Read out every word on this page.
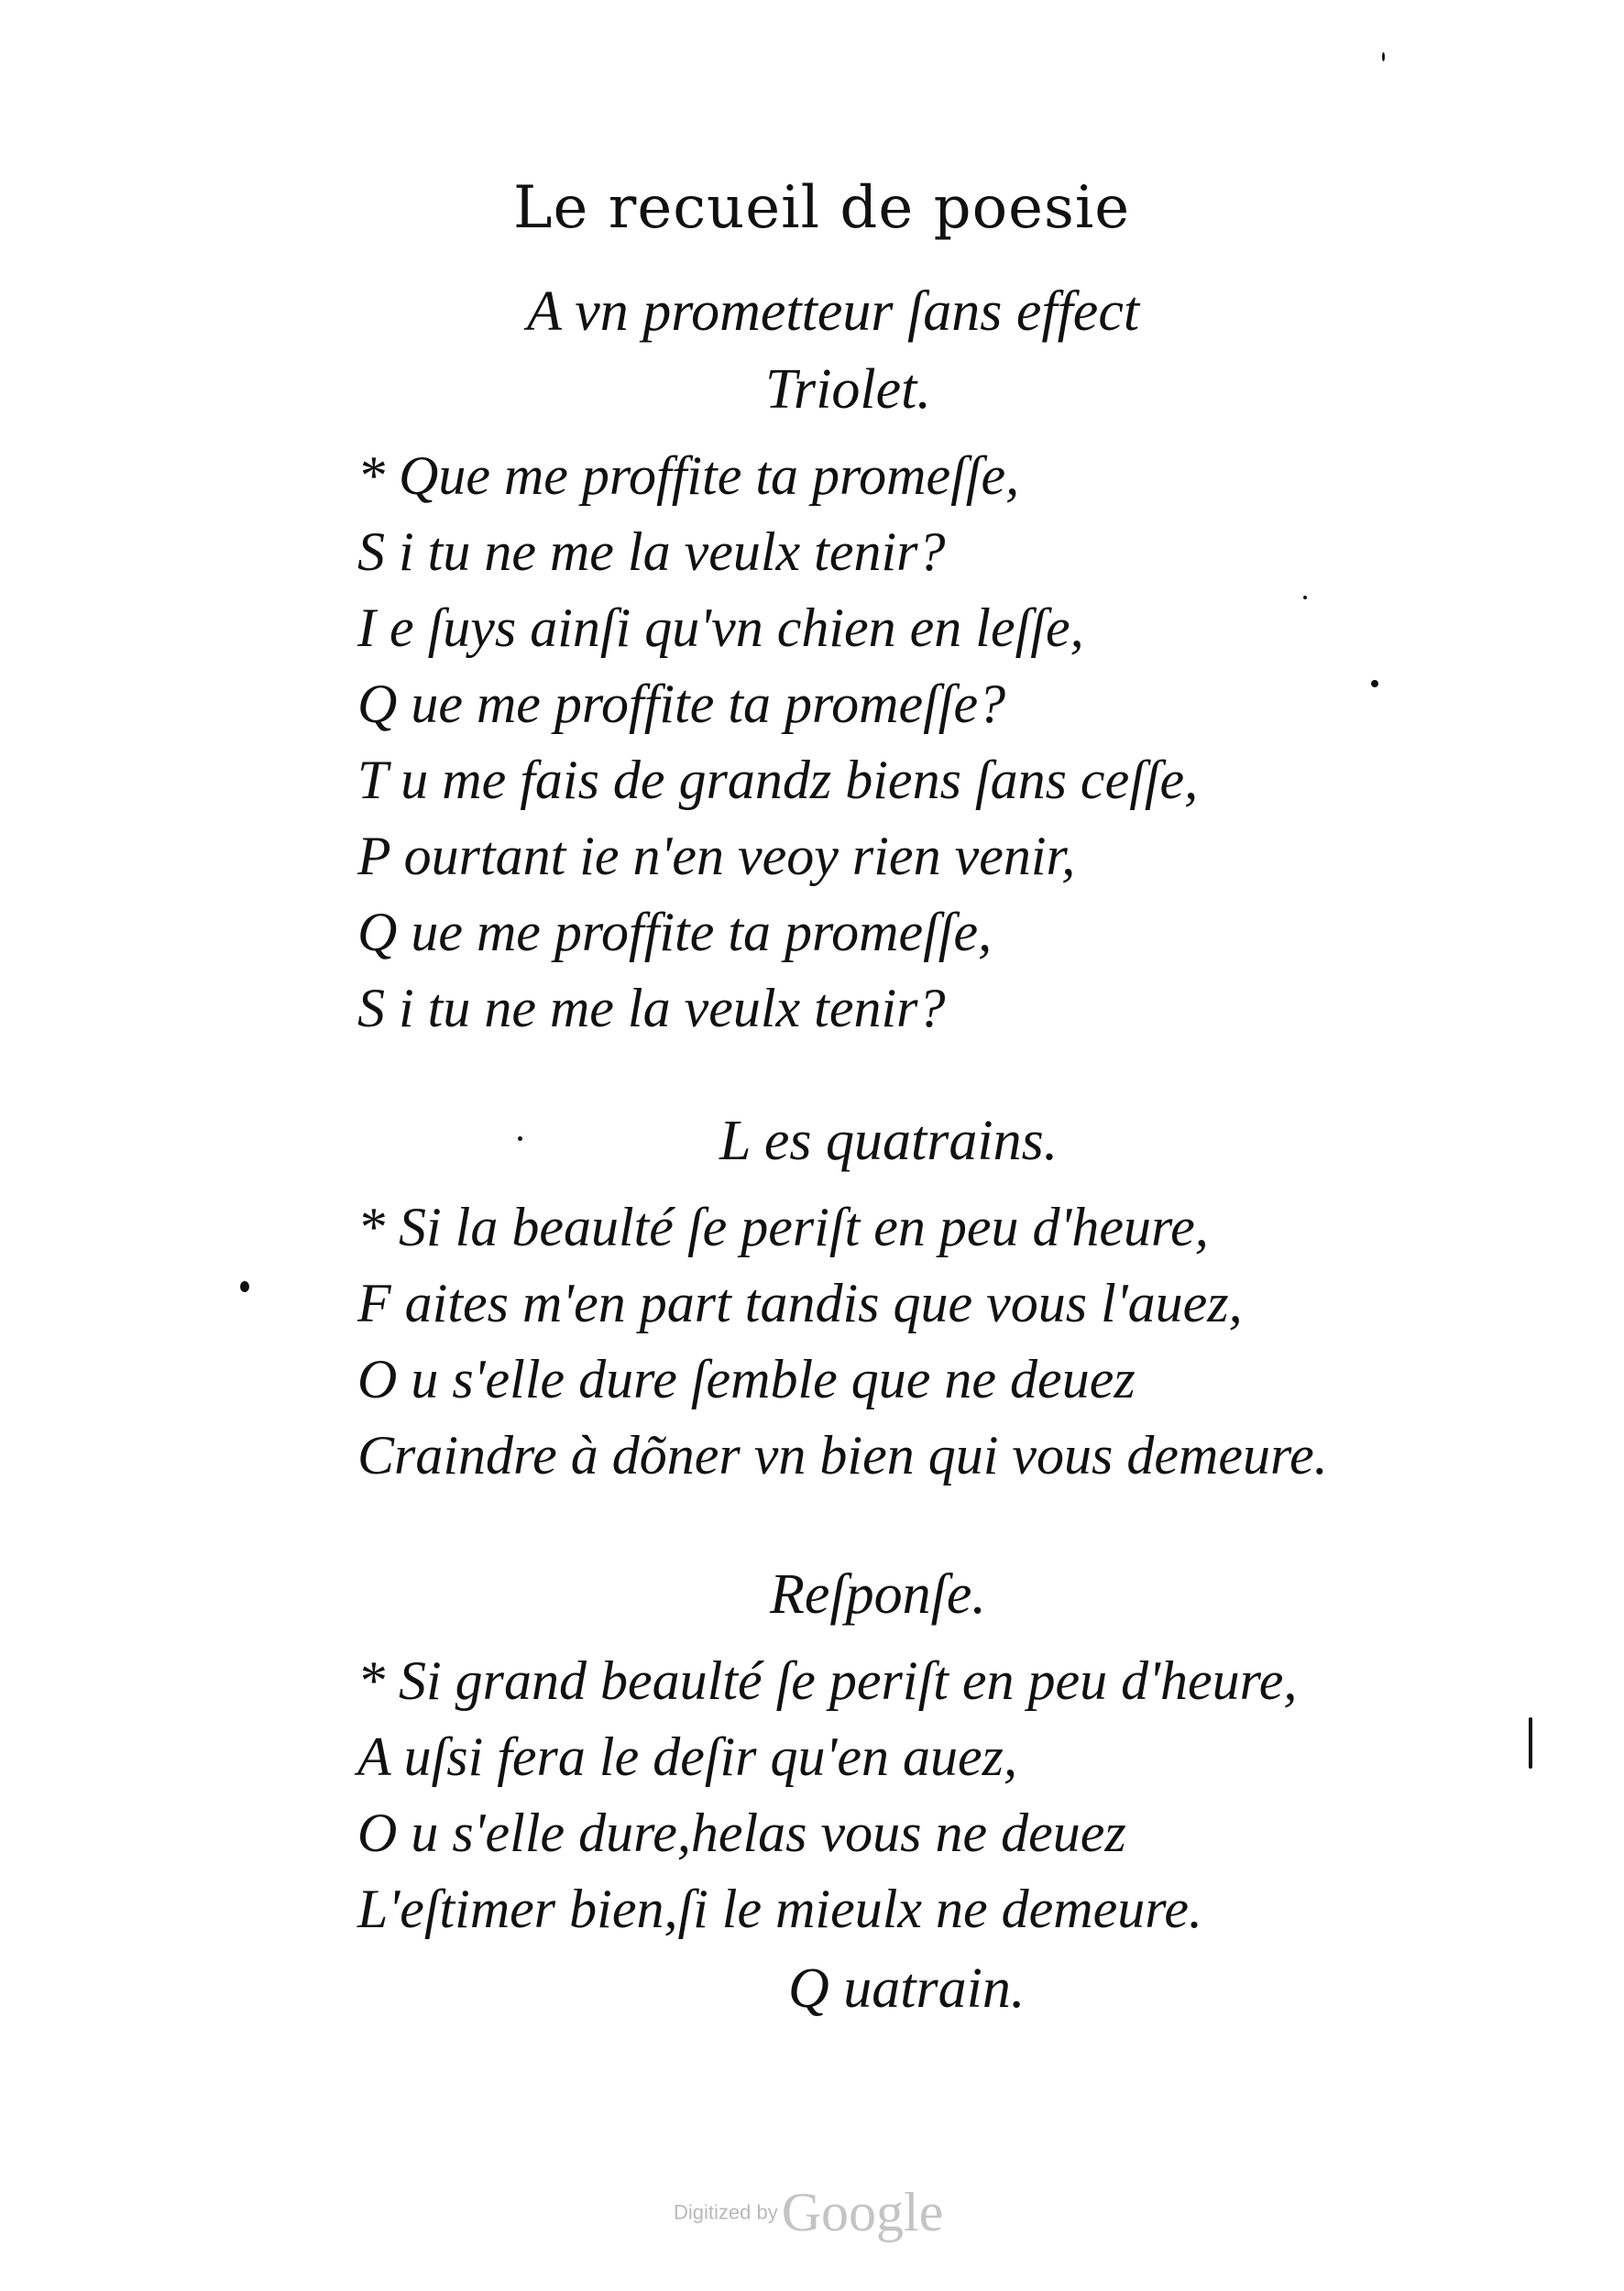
Le recueil de poesie
A vn prometteur ſans effect
Triolet.
* Que me proffite ta promeſſe,
S i tu ne me la veulx tenir?
I e ſuys ainſi qu'vn chien en leſſe,
Q ue me proffite ta promeſſe?
T u me fais de grandz biens ſans ceſſe,
P ourtant ie n'en veoy rien venir,
Q ue me proffite ta promeſſe,
S i tu ne me la veulx tenir?
L es quatrains.
* Si la beaulté ſe periſt en peu d'heure,
F aites m'en part tandis que vous l'auez,
O u s'elle dure ſemble que ne deuez
Craindre à dõner vn bien qui vous demeure.
Reſponſe.
* Si grand beaulté ſe periſt en peu d'heure,
A uſsi fera le deſir qu'en auez,
O u s'elle dure,helas vous ne deuez
L'eſtimer bien,ſi le mieulx ne demeure.
Q uatrain.
Digitized by Google
